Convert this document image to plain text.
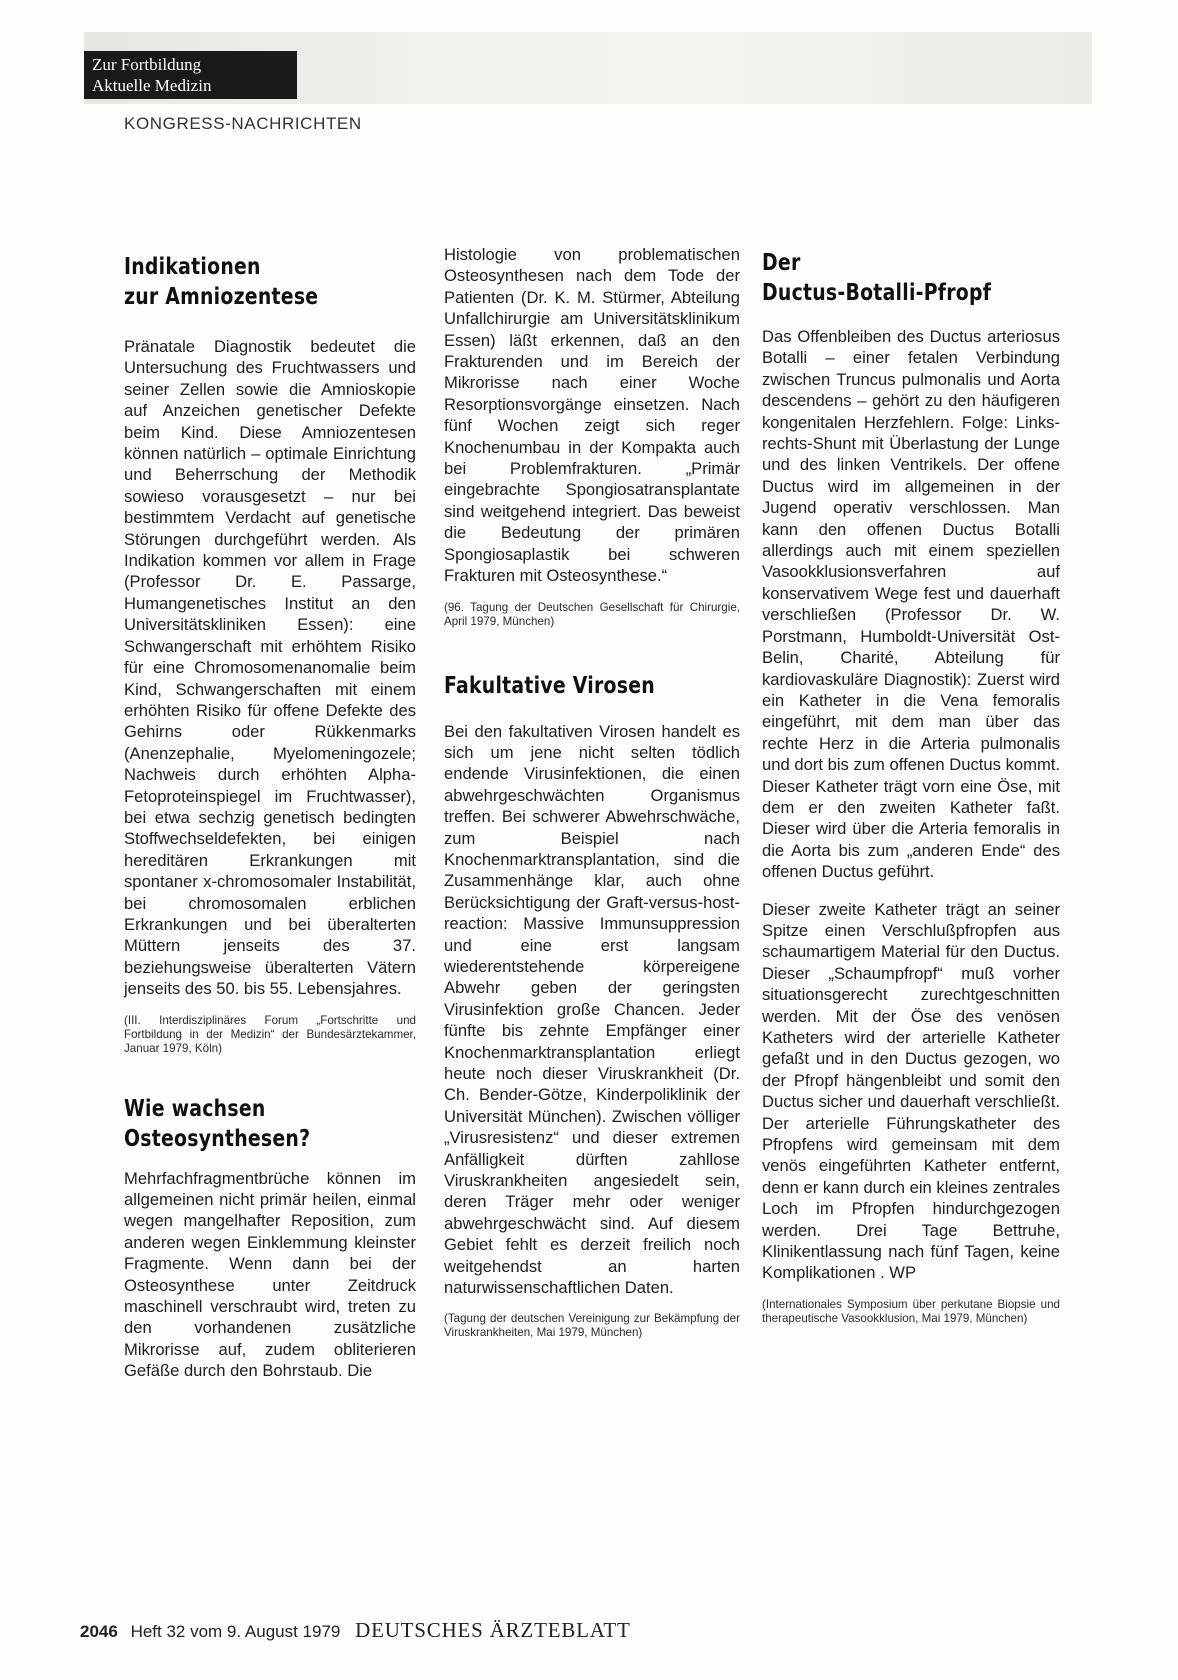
Zur Fortbildung
Aktuelle Medizin
KONGRESS-NACHRICHTEN
Indikationen
zur Amniozentese

Pränatale Diagnostik bedeutet die Untersuchung des Fruchtwassers und seiner Zellen sowie die Amnioskopie auf Anzeichen genetischer Defekte beim Kind. Diese Amniozentesen können natürlich – optimale Einrichtung und Beherrschung der Methodik sowieso vorausgesetzt – nur bei bestimmtem Verdacht auf genetische Störungen durchgeführt werden. Als Indikation kommen vor allem in Frage (Professor Dr. E. Passarge, Humangenetisches Institut an den Universitätskliniken Essen): eine Schwangerschaft mit erhöhtem Risiko für eine Chromosomenanomalie beim Kind, Schwangerschaften mit einem erhöhten Risiko für offene Defekte des Gehirns oder Rükkenmarks (Anenzephalie, Myelomeningozele; Nachweis durch erhöhten Alpha-Fetoproteinspiegel im Fruchtwasser), bei etwa sechzig genetisch bedingten Stoffwechseldefekten, bei einigen hereditären Erkrankungen mit spontaner x-chromosomaler Instabilität, bei chromosomalen erblichen Erkrankungen und bei überalterten Müttern jenseits des 37. beziehungsweise überalterten Vätern jenseits des 50. bis 55. Lebensjahres.

(III. Interdisziplinäres Forum „Fortschritte und Fortbildung in der Medizin“ der Bundesärztekammer, Januar 1979, Köln)

Wie wachsen
Osteosynthesen?

Mehrfachfragmentbrüche können im allgemeinen nicht primär heilen, einmal wegen mangelhafter Reposition, zum anderen wegen Einklemmung kleinster Fragmente. Wenn dann bei der Osteosynthese unter Zeitdruck maschinell verschraubt wird, treten zu den vorhandenen zusätzliche Mikrorisse auf, zudem obliterieren Gefäße durch den Bohrstaub. Die

Histologie von problematischen Osteosynthesen nach dem Tode der Patienten (Dr. K. M. Stürmer, Abteilung Unfallchirurgie am Universitätsklinikum Essen) läßt erkennen, daß an den Frakturenden und im Bereich der Mikrorisse nach einer Woche Resorptionsvorgänge einsetzen. Nach fünf Wochen zeigt sich reger Knochenumbau in der Kompakta auch bei Problemfrakturen. „Primär eingebrachte Spongiosatransplantate sind weitgehend integriert. Das beweist die Bedeutung der primären Spongiosaplastik bei schweren Frakturen mit Osteosynthese.“

(96. Tagung der Deutschen Gesellschaft für Chirurgie, April 1979, München)

Fakultative Virosen

Bei den fakultativen Virosen handelt es sich um jene nicht selten tödlich endende Virusinfektionen, die einen abwehrgeschwächten Organismus treffen. Bei schwerer Abwehrschwäche, zum Beispiel nach Knochenmarktransplantation, sind die Zusammenhänge klar, auch ohne Berücksichtigung der Graft-versus-host-reaction: Massive Immunsuppression und eine erst langsam wiederentstehende körpereigene Abwehr geben der geringsten Virusinfektion große Chancen. Jeder fünfte bis zehnte Empfänger einer Knochenmarktransplantation erliegt heute noch dieser Viruskrankheit (Dr. Ch. Bender-Götze, Kinderpoliklinik der Universität München). Zwischen völliger „Virusresistenz“ und dieser extremen Anfälligkeit dürften zahllose Viruskrankheiten angesiedelt sein, deren Träger mehr oder weniger abwehrgeschwächt sind. Auf diesem Gebiet fehlt es derzeit freilich noch weitgehendst an harten naturwissenschaftlichen Daten.

(Tagung der deutschen Vereinigung zur Bekämpfung der Viruskrankheiten, Mai 1979, München)

Der
Ductus-Botalli-Pfropf

Das Offenbleiben des Ductus arteriosus Botalli – einer fetalen Verbindung zwischen Truncus pulmonalis und Aorta descendens – gehört zu den häufigeren kongenitalen Herzfehlern. Folge: Links-rechts-Shunt mit Überlastung der Lunge und des linken Ventrikels. Der offene Ductus wird im allgemeinen in der Jugend operativ verschlossen. Man kann den offenen Ductus Botalli allerdings auch mit einem speziellen Vasookklusionsverfahren auf konservativem Wege fest und dauerhaft verschließen (Professor Dr. W. Porstmann, Humboldt-Universität Ost-Belin, Charité, Abteilung für kardiovaskuläre Diagnostik): Zuerst wird ein Katheter in die Vena femoralis eingeführt, mit dem man über das rechte Herz in die Arteria pulmonalis und dort bis zum offenen Ductus kommt. Dieser Katheter trägt vorn eine Öse, mit dem er den zweiten Katheter faßt. Dieser wird über die Arteria femoralis in die Aorta bis zum „anderen Ende“ des offenen Ductus geführt.

Dieser zweite Katheter trägt an seiner Spitze einen Verschlußpfropfen aus schaumartigem Material für den Ductus. Dieser „Schaumpfropf“ muß vorher situationsgerecht zurechtgeschnitten werden. Mit der Öse des venösen Katheters wird der arterielle Katheter gefaßt und in den Ductus gezogen, wo der Pfropf hängenbleibt und somit den Ductus sicher und dauerhaft verschließt. Der arterielle Führungskatheter des Pfropfens wird gemeinsam mit dem venös eingeführten Katheter entfernt, denn er kann durch ein kleines zentrales Loch im Pfropfen hindurchgezogen werden. Drei Tage Bettruhe, Klinikentlassung nach fünf Tagen, keine Komplikationen . WP

(Internationales Symposium über perkutane Biopsie und therapeutische Vasookklusion, Mai 1979, München)

2046 Heft 32 vom 9. August 1979 DEUTSCHES ÄRZTEBLATT
